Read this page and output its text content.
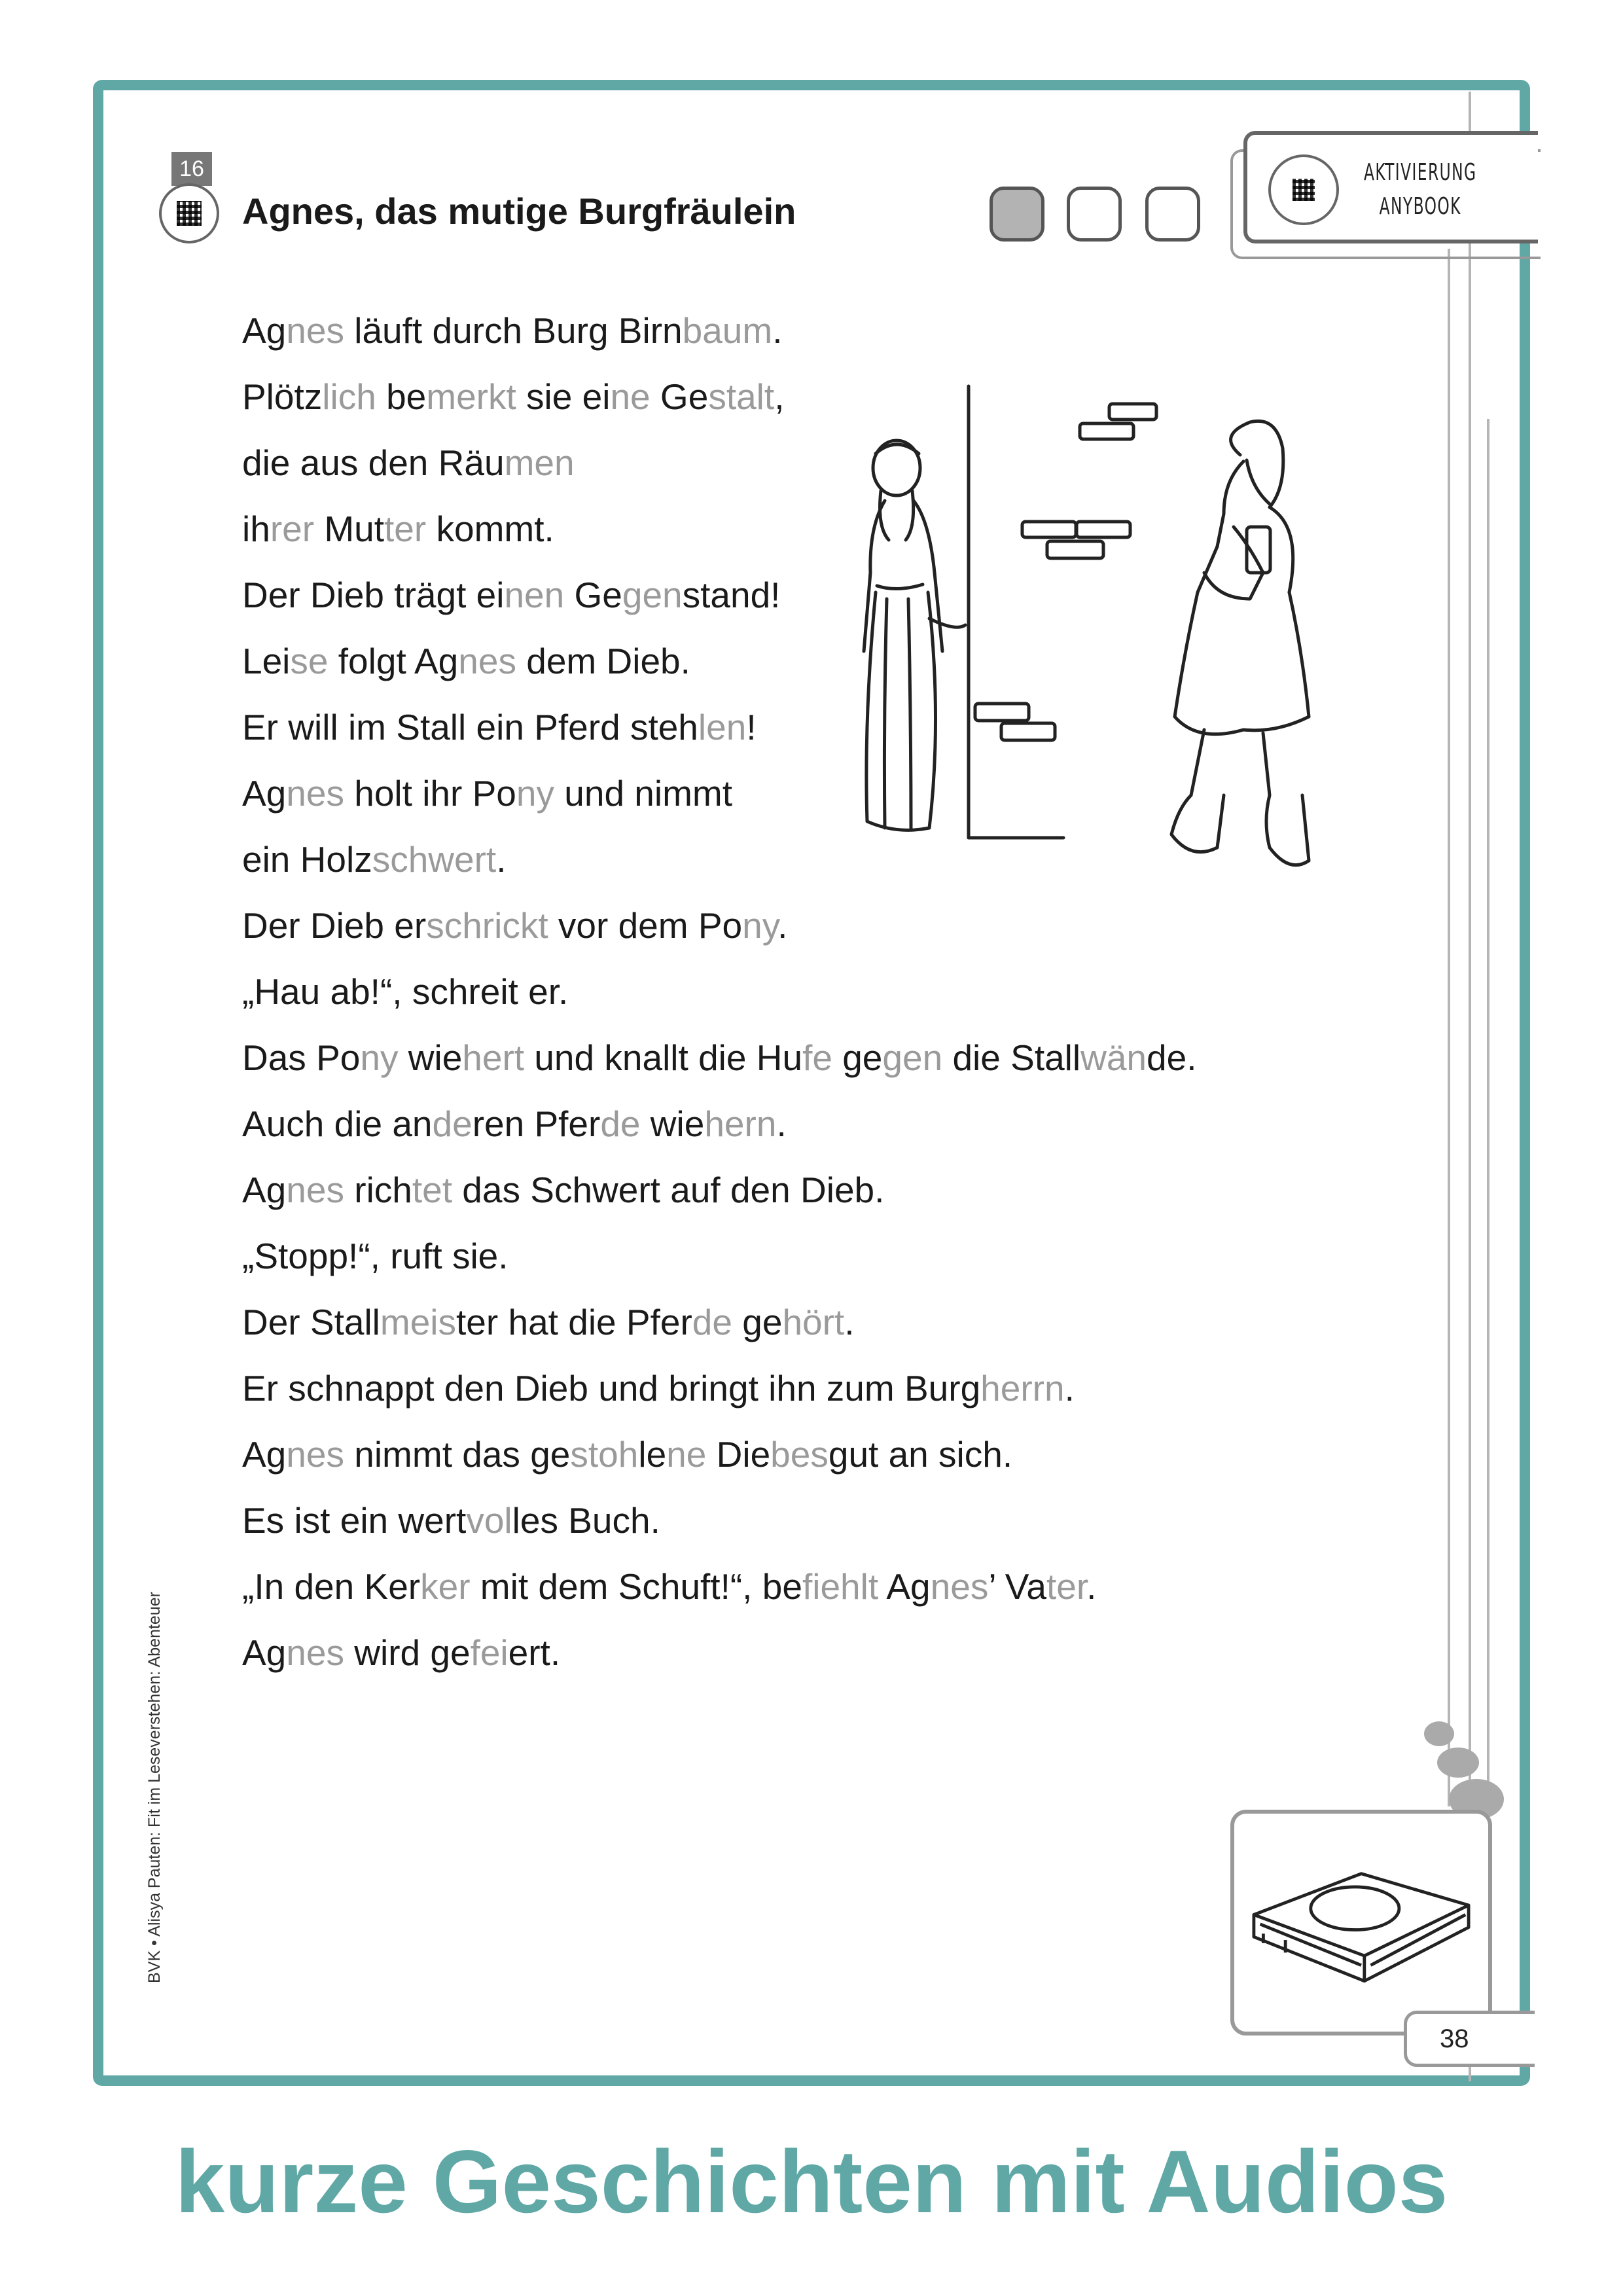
16
Agnes, das mutige Burgfräulein
AKTIVIERUNG
ANYBOOK
Agnes läuft durch Burg Birnbaum.
Plötzlich bemerkt sie eine Gestalt,
die aus den Räumen
ihrer Mutter kommt.
Der Dieb trägt einen Gegenstand!
Leise folgt Agnes dem Dieb.
Er will im Stall ein Pferd stehlen!
Agnes holt ihr Pony und nimmt
ein Holzschwert.
Der Dieb erschrickt vor dem Pony.
„Hau ab!“, schreit er.
Das Pony wiehert und knallt die Hufe gegen die Stallwände.
Auch die anderen Pferde wiehern.
Agnes richtet das Schwert auf den Dieb.
„Stopp!“, ruft sie.
Der Stallmeister hat die Pferde gehört.
Er schnappt den Dieb und bringt ihn zum Burgherrn.
Agnes nimmt das gestohlene Diebesgut an sich.
Es ist ein wertvolles Buch.
„In den Kerker mit dem Schuft!“, befiehlt Agnes’ Vater.
Agnes wird gefeiert.
BVK • Alisya Pauten: Fit im Leseverstehen: Abenteuer
38
kurze Geschichten mit Audios
